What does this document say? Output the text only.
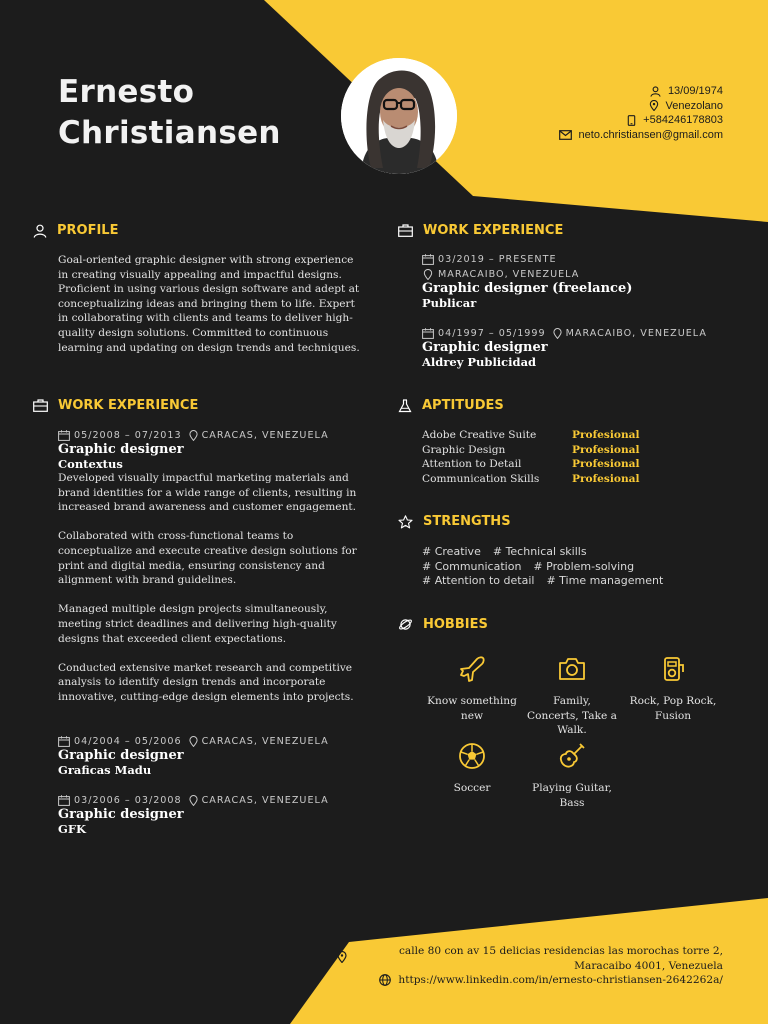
Ernesto
Christiansen
13/09/1974
Venezolano
+584246178803
neto.christiansen@gmail.com
PROFILE
Goal-oriented graphic designer with strong experience in creating visually appealing and impactful designs. Proficient in using various design software and adept at conceptualizing ideas and bringing them to life. Expert in collaborating with clients and teams to deliver high-quality design solutions. Committed to continuous learning and updating on design trends and techniques.
WORK EXPERIENCE
05/2008 – 07/2013 CARACAS, VENEZUELA
Graphic designer
Contextus
Developed visually impactful marketing materials and brand identities for a wide range of clients, resulting in increased brand awareness and customer engagement.
Collaborated with cross-functional teams to conceptualize and execute creative design solutions for print and digital media, ensuring consistency and alignment with brand guidelines.
Managed multiple design projects simultaneously, meeting strict deadlines and delivering high-quality designs that exceeded client expectations.
Conducted extensive market research and competitive analysis to identify design trends and incorporate innovative, cutting-edge design elements into projects.
04/2004 – 05/2006 CARACAS, VENEZUELA
Graphic designer
Graficas Madu
03/2006 – 03/2008 CARACAS, VENEZUELA
Graphic designer
GFK
WORK EXPERIENCE
03/2019 – PRESENTE
MARACAIBO, VENEZUELA
Graphic designer (freelance)
Publicar
04/1997 – 05/1999 MARACAIBO, VENEZUELA
Graphic designer
Aldrey Publicidad
APTITUDES
Adobe Creative Suite	Profesional
Graphic Design	Profesional
Attention to Detail	Profesional
Communication Skills	Profesional
STRENGTHS
# Creative # Technical skills
# Communication # Problem-solving
# Attention to detail # Time management
HOBBIES
Know something new
Family, Concerts, Take a Walk.
Rock, Pop Rock, Fusion
Soccer	Playing Guitar, Bass
calle 80 con av 15 delicias residencias las morochas torre 2,
Maracaibo 4001, Venezuela
https://www.linkedin.com/in/ernesto-christiansen-2642262a/
